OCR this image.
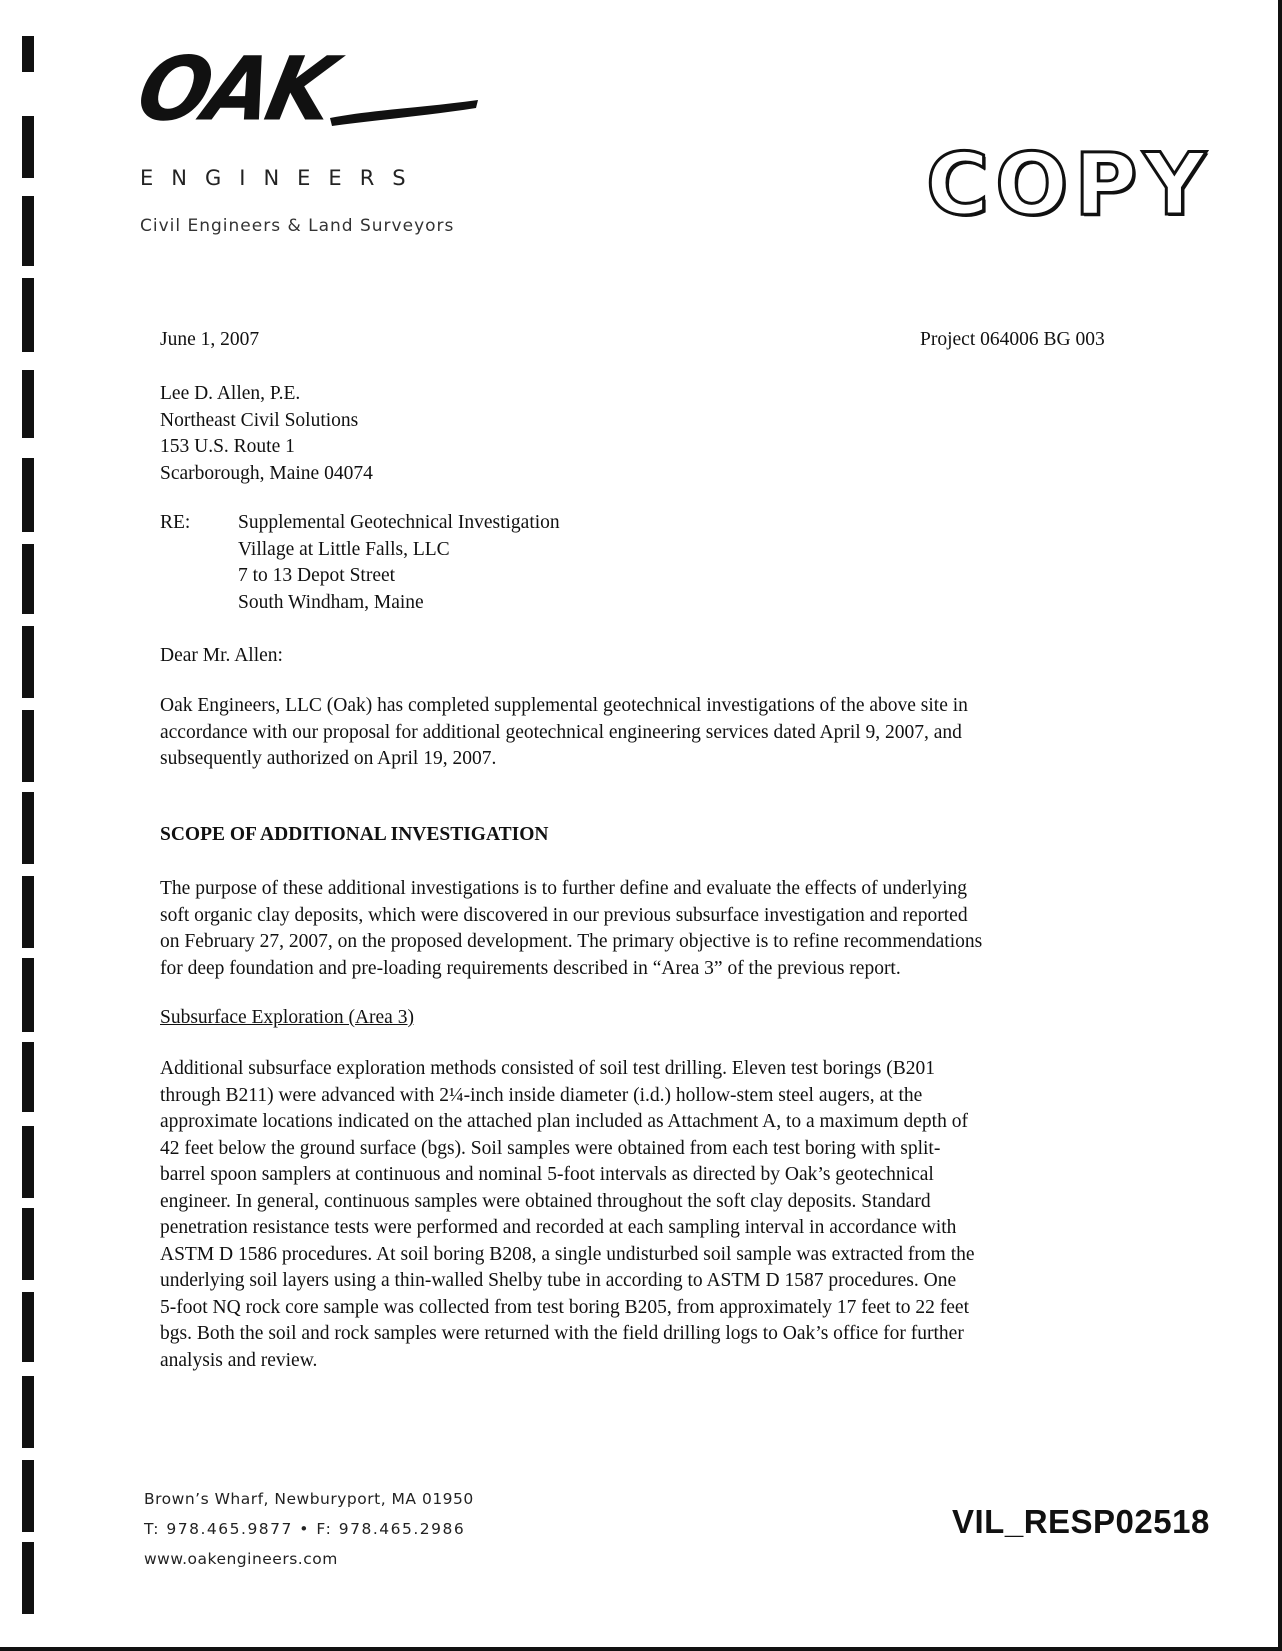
OAK
ENGINEERS
Civil Engineers & Land Surveyors	COPY
June 1, 2007	Project 064006 BG 003
Lee D. Allen, P.E.
Northeast Civil Solutions
153 U.S. Route 1
Scarborough, Maine 04074
RE: Supplemental Geotechnical Investigation
Village at Little Falls, LLC
7 to 13 Depot Street
South Windham, Maine
Dear Mr. Allen:
Oak Engineers, LLC (Oak) has completed supplemental geotechnical investigations of the above site in
accordance with our proposal for additional geotechnical engineering services dated April 9, 2007, and
subsequently authorized on April 19, 2007.
SCOPE OF ADDITIONAL INVESTIGATION
The purpose of these additional investigations is to further define and evaluate the effects of underlying
soft organic clay deposits, which were discovered in our previous subsurface investigation and reported
on February 27, 2007, on the proposed development. The primary objective is to refine recommendations
for deep foundation and pre-loading requirements described in “Area 3” of the previous report.
Subsurface Exploration (Area 3)
Additional subsurface exploration methods consisted of soil test drilling. Eleven test borings (B201
through B211) were advanced with 2¼-inch inside diameter (i.d.) hollow-stem steel augers, at the
approximate locations indicated on the attached plan included as Attachment A, to a maximum depth of
42 feet below the ground surface (bgs). Soil samples were obtained from each test boring with split-
barrel spoon samplers at continuous and nominal 5-foot intervals as directed by Oak’s geotechnical
engineer. In general, continuous samples were obtained throughout the soft clay deposits. Standard
penetration resistance tests were performed and recorded at each sampling interval in accordance with
ASTM D 1586 procedures. At soil boring B208, a single undisturbed soil sample was extracted from the
underlying soil layers using a thin-walled Shelby tube in according to ASTM D 1587 procedures. One
5-foot NQ rock core sample was collected from test boring B205, from approximately 17 feet to 22 feet
bgs. Both the soil and rock samples were returned with the field drilling logs to Oak’s office for further
analysis and review.
Brown’s Wharf, Newburyport, MA 01950
T: 978.465.9877 • F: 978.465.2986
www.oakengineers.com
VIL_RESP02518
